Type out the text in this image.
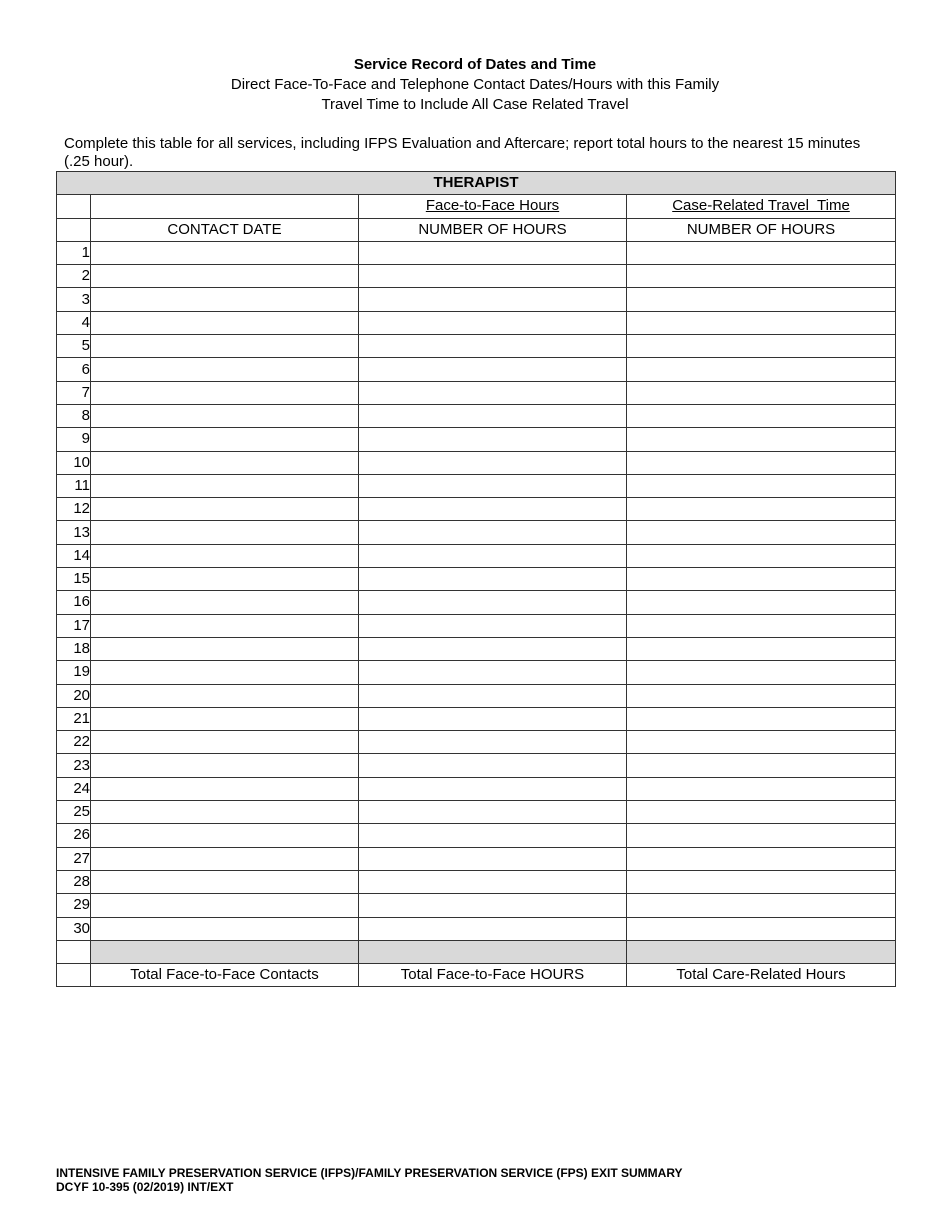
Service Record of Dates and Time
Direct Face-To-Face and Telephone Contact Dates/Hours with this Family
Travel Time to Include All Case Related Travel
Complete this table for all services, including IFPS Evaluation and Aftercare; report total hours to the nearest 15 minutes (.25 hour).
THERAPIST			
		Face-to-Face Hours	Case-Related Travel  Time
	CONTACT DATE	NUMBER OF HOURS	NUMBER OF HOURS
1			
2			
3			
4			
5			
6			
7			
8			
9			
10			
11			
12			
13			
14			
15			
16			
17			
18			
19			
20			
21			
22			
23			
24			
25			
26			
27			
28			
29			
30			

	Total Face-to-Face Contacts	Total Face-to-Face HOURS	Total Care-Related Hours
INTENSIVE FAMILY PRESERVATION SERVICE (IFPS)/FAMILY PRESERVATION SERVICE (FPS) EXIT SUMMARY
DCYF 10-395 (02/2019) INT/EXT
